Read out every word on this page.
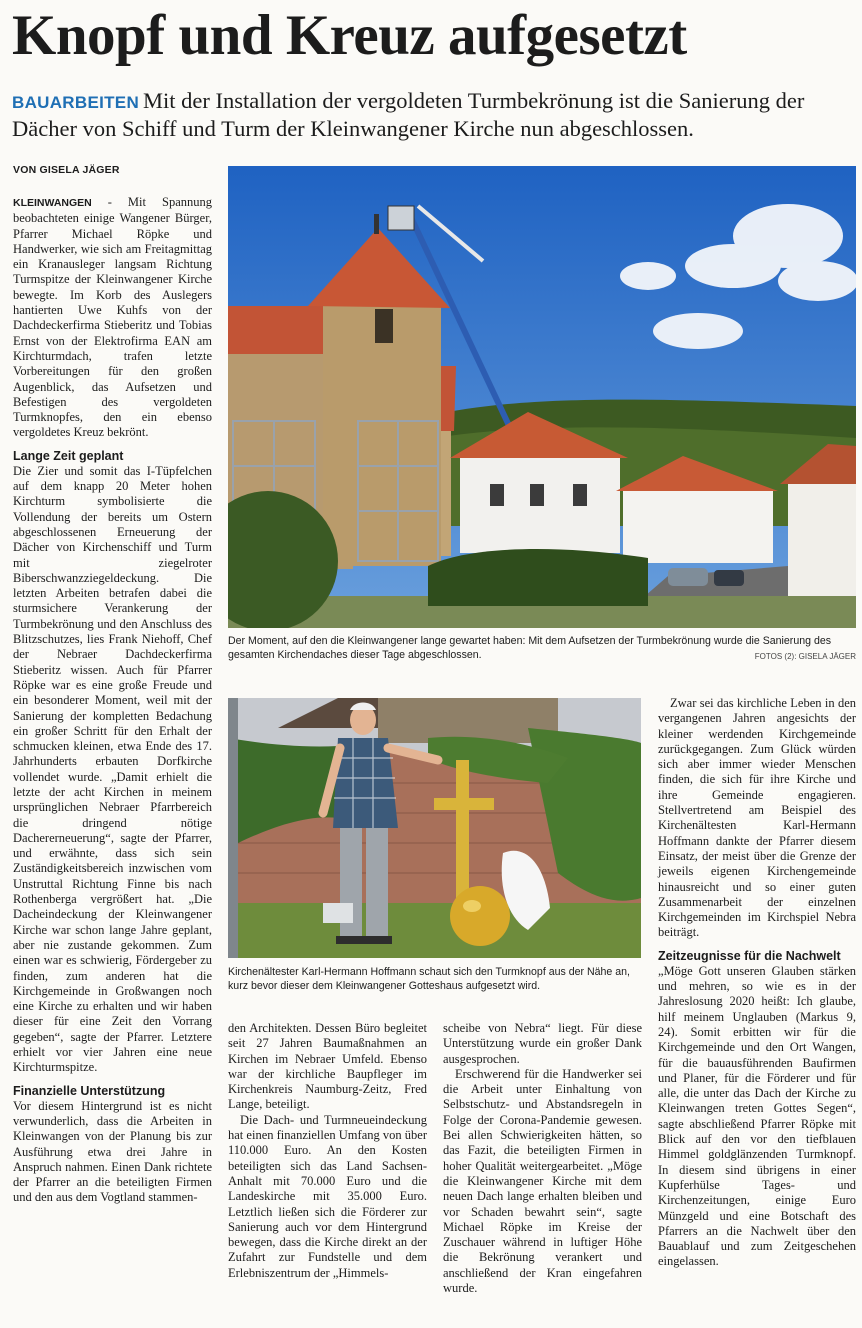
Knopf und Kreuz aufgesetzt
BAUARBEITEN Mit der Installation der vergoldeten Turmbekrönung ist die Sanierung der Dächer von Schiff und Turm der Kleinwangener Kirche nun abgeschlossen.
VON GISELA JÄGER

KLEINWANGEN - Mit Spannung beobachteten einige Wangener Bürger, Pfarrer Michael Röpke und Handwerker, wie sich am Freitagmittag ein Kranausleger langsam Richtung Turmspitze der Kleinwangener Kirche bewegte. Im Korb des Auslegers hantierten Uwe Kuhfs von der Dachdeckerfirma Stieberitz und Tobias Ernst von der Elektrofirma EAN am Kirchturmdach, trafen letzte Vorbereitungen für den großen Augenblick, das Aufsetzen und Befestigen des vergoldeten Turmknopfes, den ein ebenso vergoldetes Kreuz bekrönt.

Lange Zeit geplant

Die Zier und somit das I-Tüpfelchen auf dem knapp 20 Meter hohen Kirchturm symbolisierte die Vollendung der bereits um Ostern abgeschlossenen Erneuerung der Dächer von Kirchenschiff und Turm mit ziegelroter Biberschwanzziegeldeckung. Die letzten Arbeiten betrafen dabei die sturmsichere Verankerung der Turmbekrönung und den Anschluss des Blitzschutzes, lies Frank Niehoff, Chef der Nebraer Dachdeckerfirma Stieberitz wissen. Auch für Pfarrer Röpke war es eine große Freude und ein besonderer Moment, weil mit der Sanierung der kompletten Bedachung ein großer Schritt für den Erhalt der schmucken kleinen, etwa Ende des 17. Jahrhunderts erbauten Dorfkirche vollendet wurde. „Damit erhielt die letzte der acht Kirchen in meinem ursprünglichen Nebraer Pfarrbereich die dringend nötige Dachererneuerung“, sagte der Pfarrer, und erwähnte, dass sich sein Zuständigkeitsbereich inzwischen vom Unstruttal Richtung Finne bis nach Rothenberga vergrößert hat. „Die Dacheindeckung der Kleinwangener Kirche war schon lange Jahre geplant, aber nie zustande gekommen. Zum einen war es schwierig, Fördergeber zu finden, zum anderen hat die Kirchgemeinde in Großwangen noch eine Kirche zu erhalten und wir haben dieser für eine Zeit den Vorrang gegeben“, sagte der Pfarrer. Letztere erhielt vor vier Jahren eine neue Kirchturmspitze.

Finanzielle Unterstützung

Vor diesem Hintergrund ist es nicht verwunderlich, dass die Arbeiten in Kleinwangen von der Planung bis zur Ausführung etwa drei Jahre in Anspruch nahmen. Einen Dank richtete der Pfarrer an die beteiligten Firmen und den aus dem Vogtland stammen-

Der Moment, auf den die Kleinwangener lange gewartet haben: Mit dem Aufsetzen der Turmbekrönung wurde die Sanierung des gesamten Kirchendaches dieser Tage abgeschlossen.	FOTOS (2): GISELA JÄGER
Kirchenältester Karl-Hermann Hoffmann schaut sich den Turmknopf aus der Nähe an, kurz bevor dieser dem Kleinwangener Gotteshaus aufgesetzt wird.

den Architekten. Dessen Büro begleitet seit 27 Jahren Baumaßnahmen an Kirchen im Nebraer Umfeld. Ebenso war der kirchliche Baupfleger im Kirchenkreis Naumburg-Zeitz, Fred Lange, beteiligt.

Die Dach- und Turmneueindeckung hat einen finanziellen Umfang von über 110.000 Euro. An den Kosten beteiligten sich das Land Sachsen-Anhalt mit 70.000 Euro und die Landeskirche mit 35.000 Euro. Letztlich ließen sich die Förderer zur Sanierung auch vor dem Hintergrund bewegen, dass die Kirche direkt an der Zufahrt zur Fundstelle und dem Erlebniszentrum der „Himmels-

scheibe von Nebra“ liegt. Für diese Unterstützung wurde ein großer Dank ausgesprochen.

Erschwerend für die Handwerker sei die Arbeit unter Einhaltung von Selbstschutz- und Abstandsregeln in Folge der Corona-Pandemie gewesen. Bei allen Schwierigkeiten hätten, so das Fazit, die beteiligten Firmen in hoher Qualität weitergearbeitet. „Möge die Kleinwangener Kirche mit dem neuen Dach lange erhalten bleiben und vor Schaden bewahrt sein“, sagte Michael Röpke im Kreise der Zuschauer während in luftiger Höhe die Bekrönung verankert und anschließend der Kran eingefahren wurde.

Zwar sei das kirchliche Leben in den vergangenen Jahren angesichts der kleiner werdenden Kirchgemeinde zurückgegangen. Zum Glück würden sich aber immer wieder Menschen finden, die sich für ihre Kirche und ihre Gemeinde engagieren. Stellvertretend am Beispiel des Kirchenältesten Karl-Hermann Hoffmann dankte der Pfarrer diesem Einsatz, der meist über die Grenze der jeweils eigenen Kirchengemeinde hinausreicht und so einer guten Zusammenarbeit der einzelnen Kirchgemeinden im Kirchspiel Nebra beiträgt.

Zeitzeugnisse für die Nachwelt

„Möge Gott unseren Glauben stärken und mehren, so wie es in der Jahreslosung 2020 heißt: Ich glaube, hilf meinem Unglauben (Markus 9, 24). Somit erbitten wir für die Kirchgemeinde und den Ort Wangen, für die bauausführenden Baufirmen und Planer, für die Förderer und für alle, die unter das Dach der Kirche zu Kleinwangen treten Gottes Segen“, sagte abschließend Pfarrer Röpke mit Blick auf den vor den tiefblauen Himmel goldglänzenden Turmknopf. In diesem sind übrigens in einer Kupferhülse Tages- und Kirchenzeitungen, einige Euro Münzgeld und eine Botschaft des Pfarrers an die Nachwelt über den Bauablauf und zum Zeitgeschehen eingelassen.
